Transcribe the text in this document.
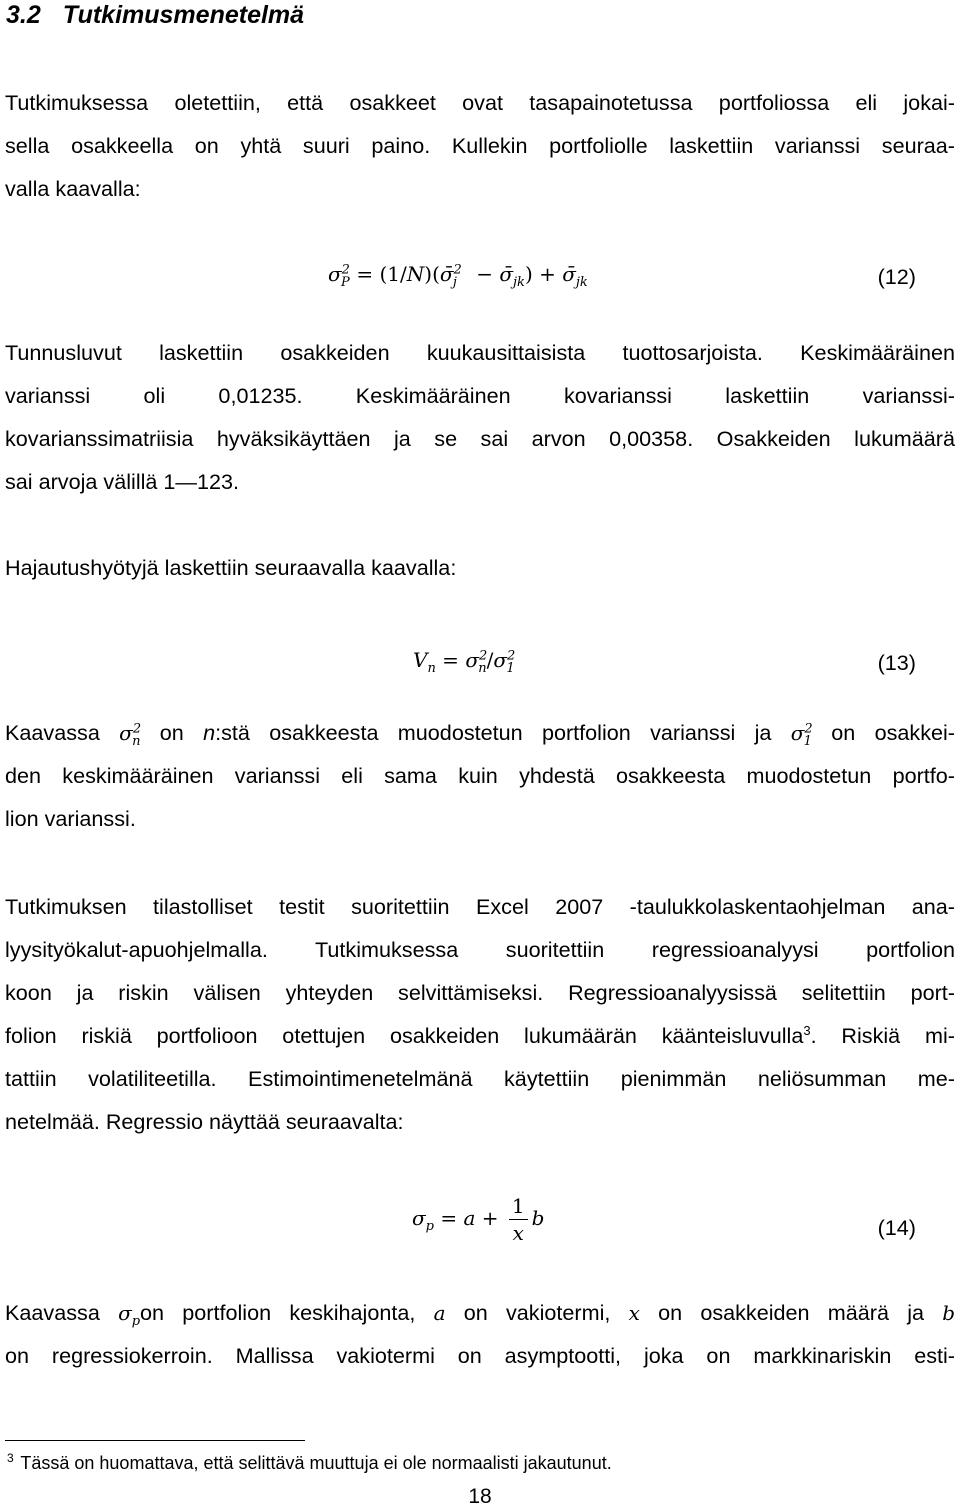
3.2 Tutkimusmenetelmä
Tutkimuksessa oletettiin, että osakkeet ovat tasapainotetussa portfoliossa eli jokai-
sella osakkeella on yhtä suuri paino. Kullekin portfoliolle laskettiin varianssi seuraa-
valla kaavalla:
$\sigma^2_P$ = (1/N)(σ̄$^2_j$   − $\sigmā_{jk}$) + $\sigmā_{jk}$	(12)
Tunnusluvut laskettiin osakkeiden kuukausittaisista tuottosarjoista. Keskimääräinen
varianssi oli 0,01235. Keskimääräinen kovarianssi laskettiin varianssi-
kovarianssimatriisia hyväksikäyttäen ja se sai arvon 0,00358. Osakkeiden lukumäärä
sai arvoja välillä 1—123.
Hajautushyötyjä laskettiin seuraavalla kaavalla:
$V_n = \sigma^2_n/\sigma^2_1$	(13)
Kaavassa $\sigma^2_n$ on n:stä osakkeesta muodostetun portfolion varianssi ja $\sigma^2_1$ on osakkei-
den keskimääräinen varianssi eli sama kuin yhdestä osakkeesta muodostetun portfo-
lion varianssi.
Tutkimuksen tilastolliset testit suoritettiin Excel 2007 -taulukkolaskentaohjelman ana-
lyysityökalut-apuohjelmalla. Tutkimuksessa suoritettiin regressioanalyysi portfolion
koon ja riskin välisen yhteyden selvittämiseksi. Regressioanalyysissä selitettiin port-
folion riskiä portfolioon otettujen osakkeiden lukumäärän käänteisluvulla$^3$. Riskiä mi-
tattiin volatiliteetilla. Estimointimenetelmänä käytettiin pienimmän neliösumman me-
netelmää. Regressio näyttää seuraavalta:
$\sigma_p = a + \frac{1}{x}$ b	(14)
Kaavassa $\sigma_pon$ portfolion keskihajonta, a on vakiotermi, x on osakkeiden määrä ja b
on regressiokerroin. Mallissa vakiotermi on asymptootti, joka on markkinariskin esti-
$^3$ Tässä on huomattava, että selittävä muuttuja ei ole normaalisti jakautunut.
18
